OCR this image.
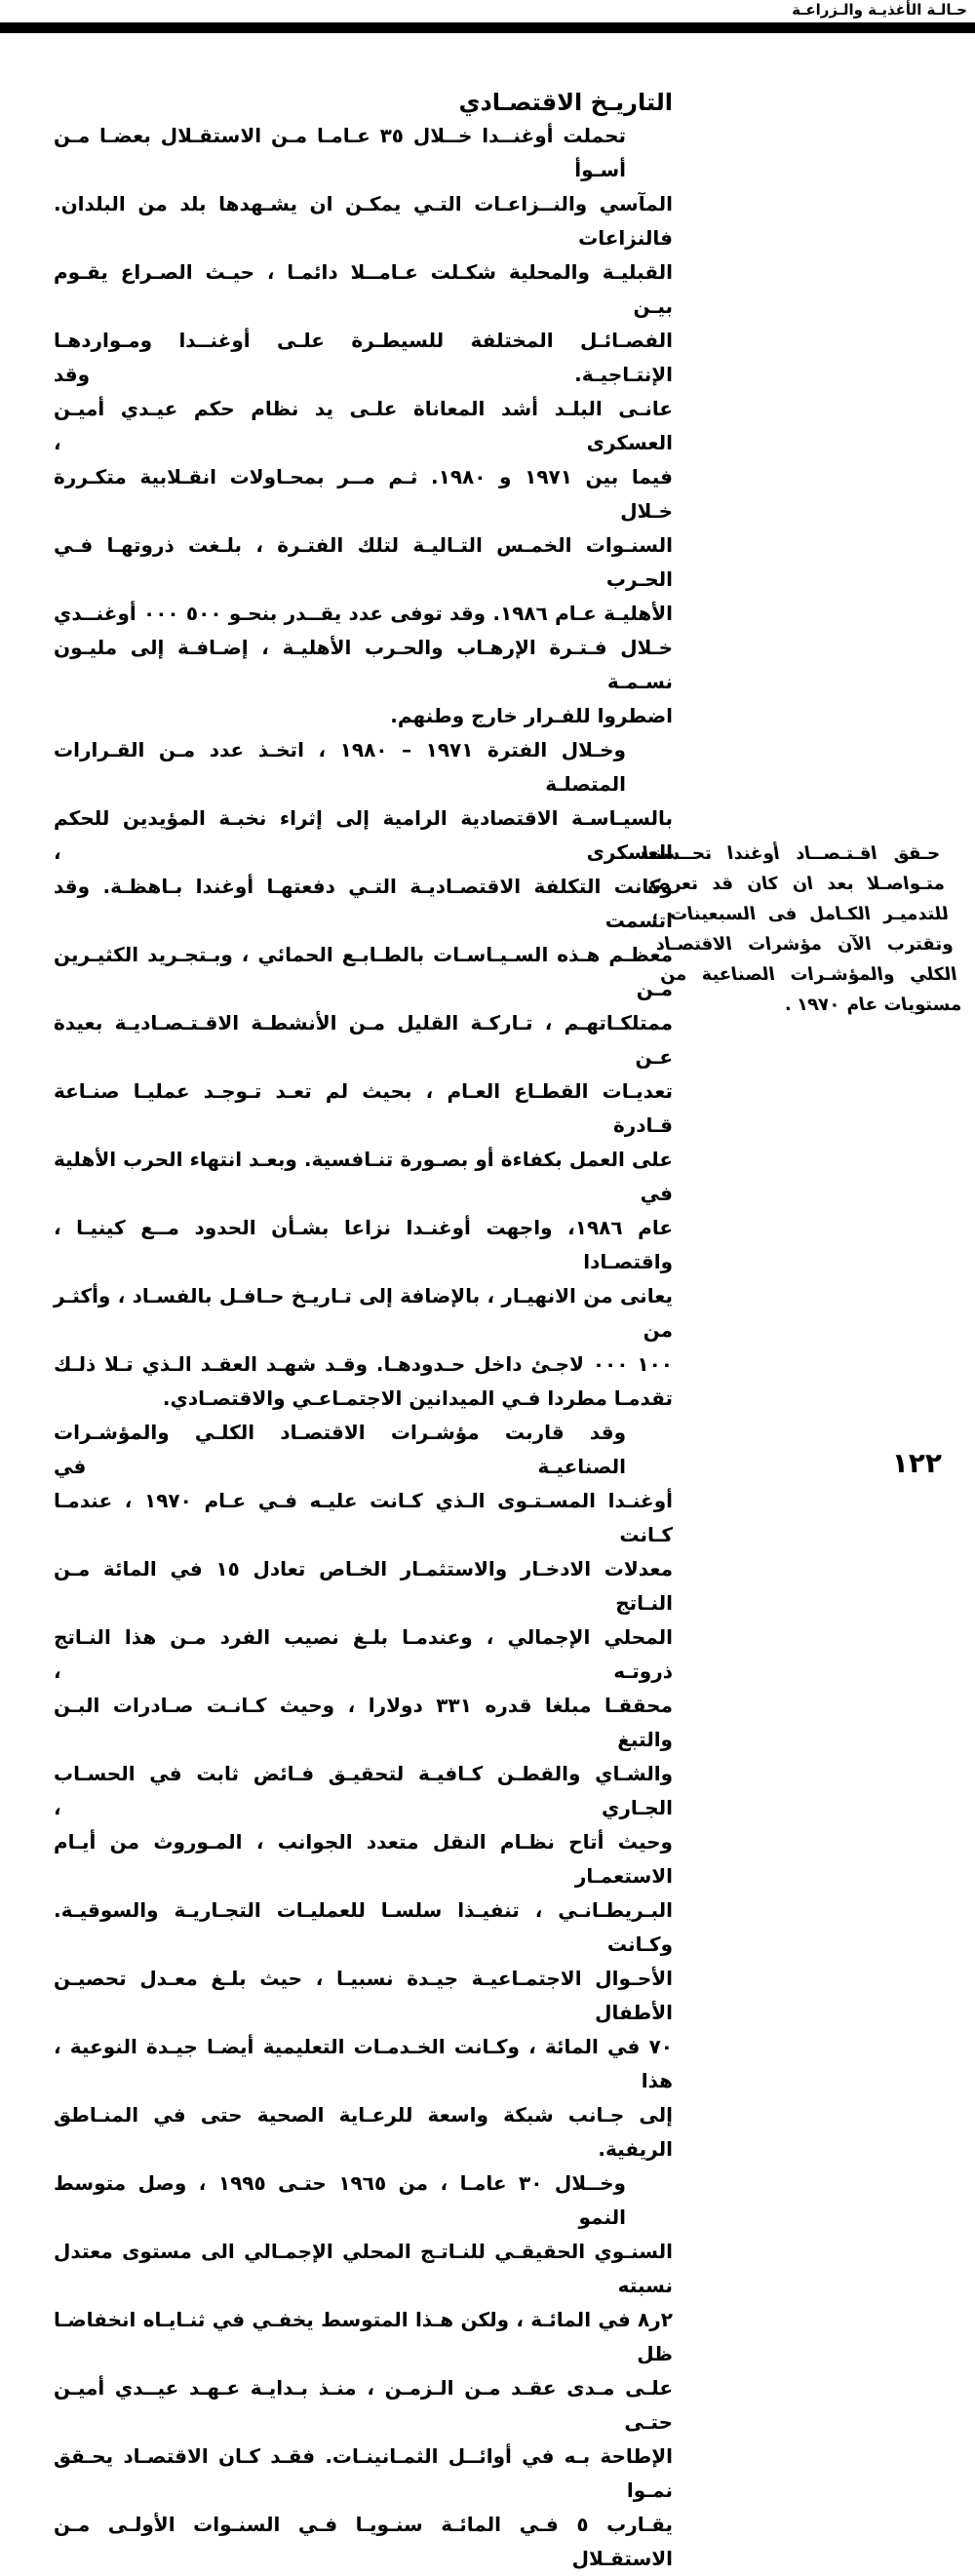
حـالـة الأغذيـة والـزراعـة
التاريـخ الاقتصـادي
تحملت أوغنــدا خــلال ٣٥ عـامـا مـن الاستقـلال بعضـا مـن أسـوأ
المآسي والنــزاعـات التـي يمكـن ان يشـهدها بلد من البلدان. فالنزاعات
القبليـة والمحلية شكـلت عـامــلا دائمـا ، حيـث الصـراع يقـوم بيـن
الفصـائـل المختلفة للسيطـرة علـى أوغنــدا ومـواردهـا الإنتـاجيـة. وقد
عانـى البلـد أشد المعاناة علـى يد نظام حكم عيـدي أميـن العسكرى ،
فيما بين ١٩٧١ و ١٩٨٠. ثـم مــر بمحـاولات انقـلابية متكـررة خـلال
السنـوات الخمـس التـاليـة لتلك الفتـرة ، بلـغت ذروتهـا فـي الحـرب
الأهليـة عـام ١٩٨٦. وقد توفى عدد يقــدر بنحـو ٥٠٠ ٠٠٠ أوغنــدي
خـلال فـتـرة الإرهـاب والحـرب الأهليـة ، إضـافـة إلى مليـون نسـمـة
اضطروا للفـرار خارج وطنهم.
وخـلال الفترة ١٩٧١ – ١٩٨٠ ، اتخـذ عدد مـن القـرارات المتصلـة
بالسيـاسـة الاقتصادية الرامية إلى إثراء نخبـة المؤيدين للحكم العسكرى ،
وكانت التكلفة الاقتصـاديـة التـي دفعتهـا أوغندا بـاهظـة. وقد اتسمت
معظـم هـذه السـيـاسـات بالطـابـع الحمائي ، وبـتجـريد الكثيـرين مـن
ممتلكـاتهـم ، تـاركـة القليل مـن الأنشطـة الاقـتـصـاديـة بعيدة عـن
تعديـات القطـاع العـام ، بحيث لم تعـد تـوجـد عمليـا صنـاعة قـادرة
على العمل بكفاءة أو بصـورة تنـافسية. وبعـد انتهاء الحرب الأهلية في
عام ١٩٨٦، واجهت أوغنـدا نزاعا بشـأن الحدود مــع كينيـا ، واقتصـادا
يعانى من الانهيـار ، بالإضافة إلى تـاريـخ حـافـل بالفسـاد ، وأكثـر من
١٠٠ ٠٠٠ لاجـئ داخل حـدودهـا. وقـد شهـد العقـد الـذي تـلا ذلـك
تقدمـا مطردا فـي الميدانين الاجتمـاعـي والاقتصـادي.
وقد قاربت مؤشـرات الاقتصـاد الكلـي والمؤشـرات الصناعيـة في
أوغنـدا المسـتـوى الـذي كـانت عليـه فـي عـام ١٩٧٠ ، عندمـا كـانت
معدلات الادخـار والاستثمـار الخـاص تعادل ١٥ في المائة مـن النـاتج
المحلي الإجمالي ، وعندمـا بلـغ نصيب الفرد مـن هذا النـاتج ذروتـه ،
محققـا مبلغا قدره ٣٣١ دولارا ، وحيث كـانـت صـادرات البـن والتبغ
والشـاي والقطـن كـافيـة لتحقيـق فـائض ثابت في الحسـاب الجـاري ،
وحيث أتاح نظـام النقل متعدد الجوانب ، المـوروث من أيـام الاستعمـار
البـريطـانـي ، تنفيـذا سلسـا للعمليـات التجـاريـة والسوقيـة. وكـانت
الأحـوال الاجتمـاعيـة جيـدة نسبيـا ، حيث بلـغ معـدل تحصيـن الأطفال
٧٠ في المائة ، وكـانت الخـدمـات التعليمية أيضـا جيـدة النوعية ، هذا
إلى جـانب شبكة واسعة للرعـاية الصحية حتى في المنـاطق الريفية.
وخــلال ٣٠ عامـا ، من ١٩٦٥ حتـى ١٩٩٥ ، وصل متوسط النمو
السنـوي الحقيقـي للنـاتـج المحلي الإجمـالي الى مستوى معتدل نسبته
٢ر٨ في المائـة ، ولكن هـذا المتوسط يخفـي في ثنـايـاه انخفاضـا ظل
علـى مـدى عقـد مـن الـزمـن ، منـذ بـدايـة عـهـد عيــدي أميـن حتـى
الإطاحة بـه في أوائــل الثمـانينـات. فقـد كـان الاقتصـاد يحـقق نمـوا
يقـارب ٥ فـي المائـة سنـويـا فـي السنـوات الأولـى مـن الاستقـلال
حـقق اقـتـصــاد أوغندا تحــسنـا
متـواصـلا بعد ان كان قد تعرض
للتدميـر الكـامل فى السبعينات ،
وتقترب الآن مؤشرات الاقتصـاد
الكلي والمؤشـرات الصناعية من
مستويات عام ١٩٧٠ .
١٢٢
